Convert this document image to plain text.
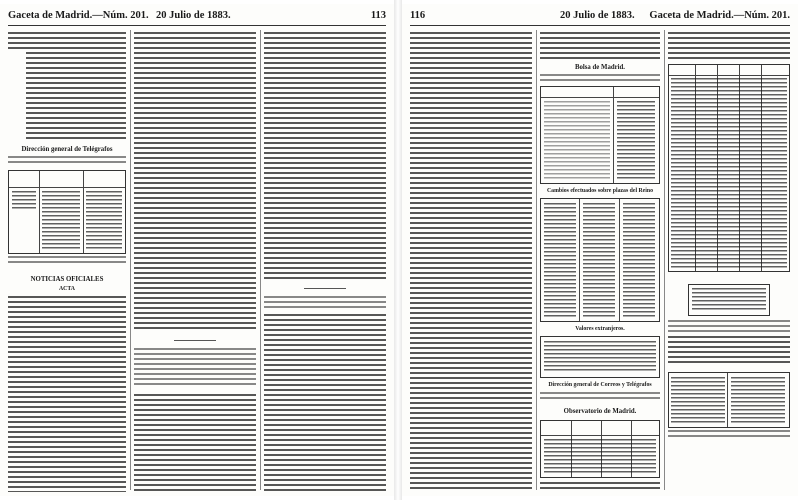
Gaceta de Madrid.—Núm. 201. 20 Julio de 1883.	113
Dirección general de Telégrafos
NOTICIAS OFICIALES
ACTA
116	20 Julio de 1883. Gaceta de Madrid.—Núm. 201.
Bolsa de Madrid.
Cambios efectuados sobre plazas del Reino
Valores extranjeros.
Dirección general de Correos y Telégrafos
Observatorio de Madrid.
